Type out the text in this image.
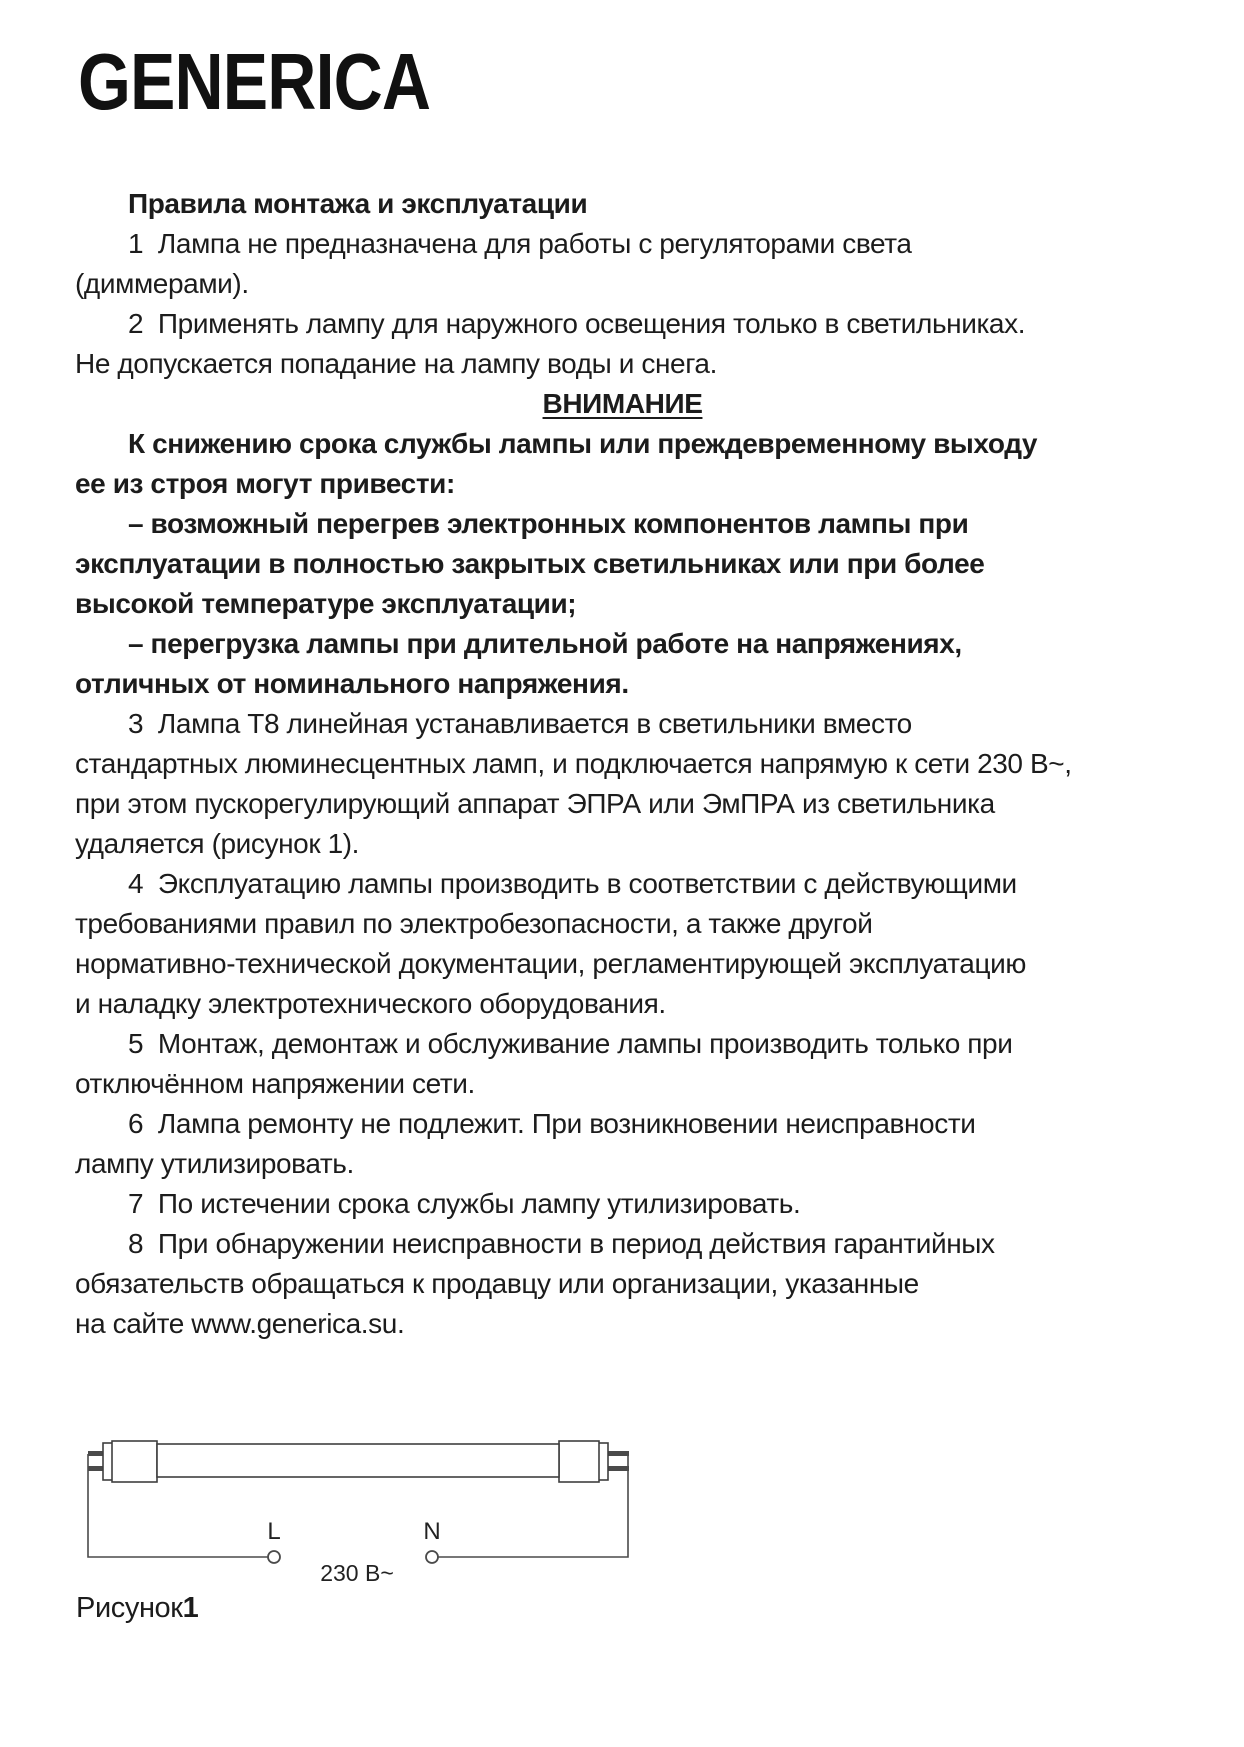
GENERICA
Правила монтажа и эксплуатации
1  Лампа не предназначена для работы с регуляторами света
(диммерами).
2  Применять лампу для наружного освещения только в светильниках.
Не допускается попадание на лампу воды и снега.
ВНИМАНИЕ
К снижению срока службы лампы или преждевременному выходу
ее из строя могут привести:
– возможный перегрев электронных компонентов лампы при
эксплуатации в полностью закрытых светильниках или при более
высокой температуре эксплуатации;
– перегрузка лампы при длительной работе на напряжениях,
отличных от номинального напряжения.
3  Лампа Т8 линейная устанавливается в светильники вместо
стандартных люминесцентных ламп, и подключается напрямую к сети 230 В~,
при этом пускорегулирующий аппарат ЭПРА или ЭмПРА из светильника
удаляется (рисунок 1).
4  Эксплуатацию лампы производить в соответствии с действующими
требованиями правил по электробезопасности, а также другой
нормативно-технической документации, регламентирующей эксплуатацию
и наладку электротехнического оборудования.
5  Монтаж, демонтаж и обслуживание лампы производить только при
отключённом напряжении сети.
6  Лампа ремонту не подлежит. При возникновении неисправности
лампу утилизировать.
7  По истечении срока службы лампу утилизировать.
8  При обнаружении неисправности в период действия гарантийных
обязательств обращаться к продавцу или организации, указанные
на сайте www.generica.su.
L	N
230 В~
Рисунок1
